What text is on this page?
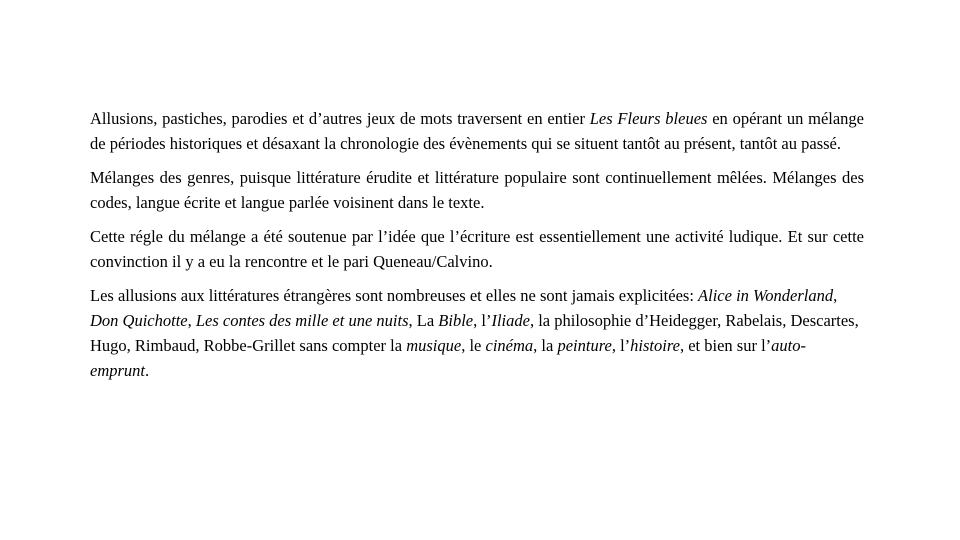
Allusions, pastiches, parodies et d’autres jeux de mots traversent en entier Les Fleurs bleues en opérant un mélange de périodes historiques et désaxant la chronologie des évènements qui se situent tantôt au présent, tantôt au passé.

Mélanges des genres, puisque littérature érudite et littérature populaire sont continuellement mêlées. Mélanges des codes, langue écrite et langue parlée voisinent dans le texte.

Cette régle du mélange a été soutenue par l’idée que l’écriture est essentiellement une activité ludique. Et sur cette convinction il y a eu la rencontre et le pari Queneau/Calvino.

Les allusions aux littératures étrangères sont nombreuses et elles ne sont jamais explicitées: Alice in Wonderland, Don Quichotte, Les contes des mille et une nuits, La Bible, l’Iliade, la philosophie d’Heidegger, Rabelais, Descartes, Hugo, Rimbaud, Robbe-Grillet sans compter la musique, le cinéma, la peinture, l’histoire, et bien sur l’auto-emprunt.
